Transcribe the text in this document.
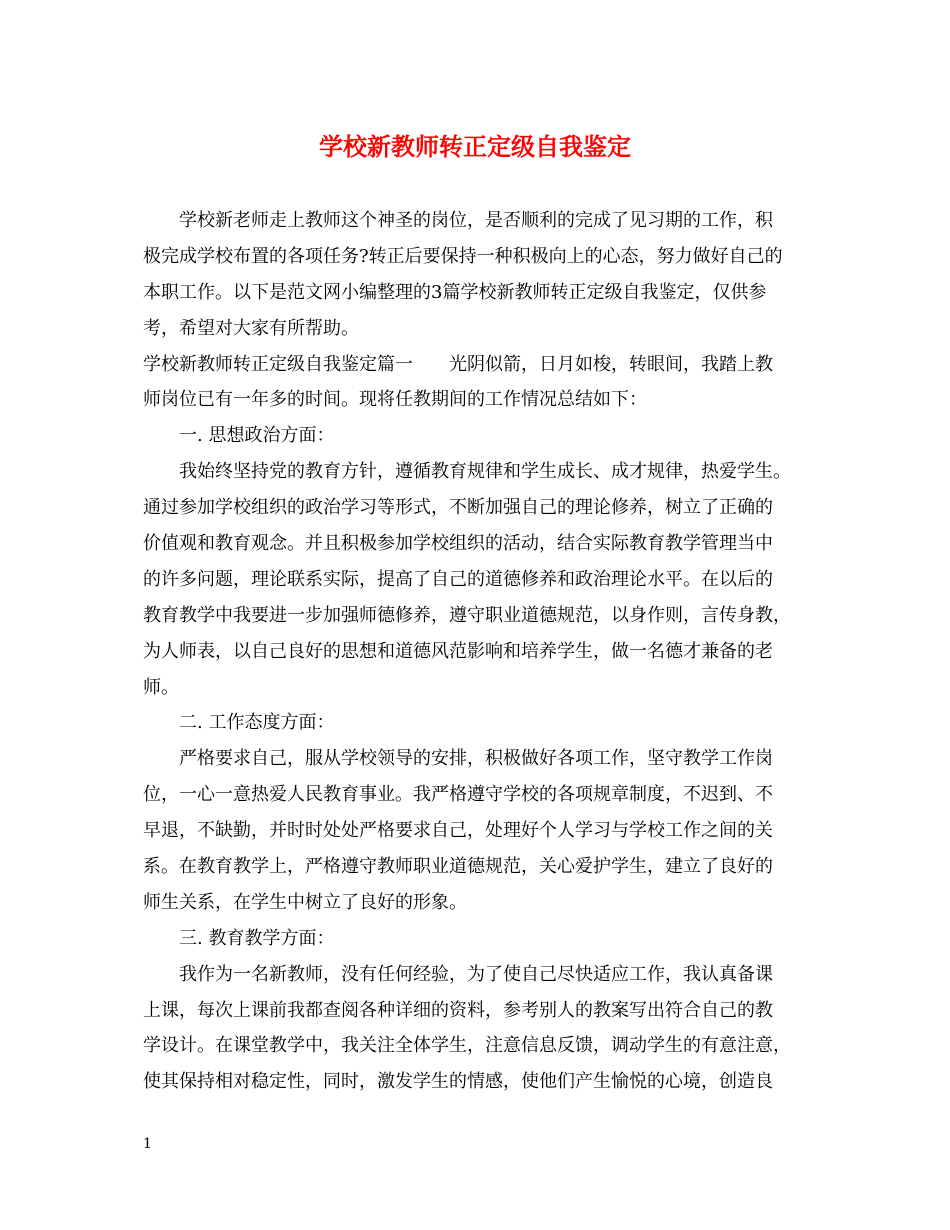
学校新教师转正定级自我鉴定
学校新老师走上教师这个神圣的岗位，是否顺利的完成了见习期的工作，积
极完成学校布置的各项任务?转正后要保持一种积极向上的心态，努力做好自己的
本职工作。以下是范文网小编整理的3篇学校新教师转正定级自我鉴定，仅供参
考，希望对大家有所帮助。
学校新教师转正定级自我鉴定篇一　　光阴似箭，日月如梭，转眼间，我踏上教
师岗位已有一年多的时间。现将任教期间的工作情况总结如下：
一. 思想政治方面：
我始终坚持党的教育方针，遵循教育规律和学生成长、成才规律，热爱学生。
通过参加学校组织的政治学习等形式，不断加强自己的理论修养，树立了正确的
价值观和教育观念。并且积极参加学校组织的活动，结合实际教育教学管理当中
的许多问题，理论联系实际，提高了自己的道德修养和政治理论水平。在以后的
教育教学中我要进一步加强师德修养，遵守职业道德规范，以身作则，言传身教，
为人师表，以自己良好的思想和道德风范影响和培养学生，做一名德才兼备的老
师。
二. 工作态度方面：
严格要求自己，服从学校领导的安排，积极做好各项工作，坚守教学工作岗
位，一心一意热爱人民教育事业。我严格遵守学校的各项规章制度，不迟到、不
早退，不缺勤，并时时处处严格要求自己，处理好个人学习与学校工作之间的关
系。在教育教学上，严格遵守教师职业道德规范，关心爱护学生，建立了良好的
师生关系，在学生中树立了良好的形象。
三. 教育教学方面：
我作为一名新教师，没有任何经验，为了使自己尽快适应工作，我认真备课
上课，每次上课前我都查阅各种详细的资料，参考别人的教案写出符合自己的教
学设计。在课堂教学中，我关注全体学生，注意信息反馈，调动学生的有意注意，
使其保持相对稳定性，同时，激发学生的情感，使他们产生愉悦的心境，创造良
1
